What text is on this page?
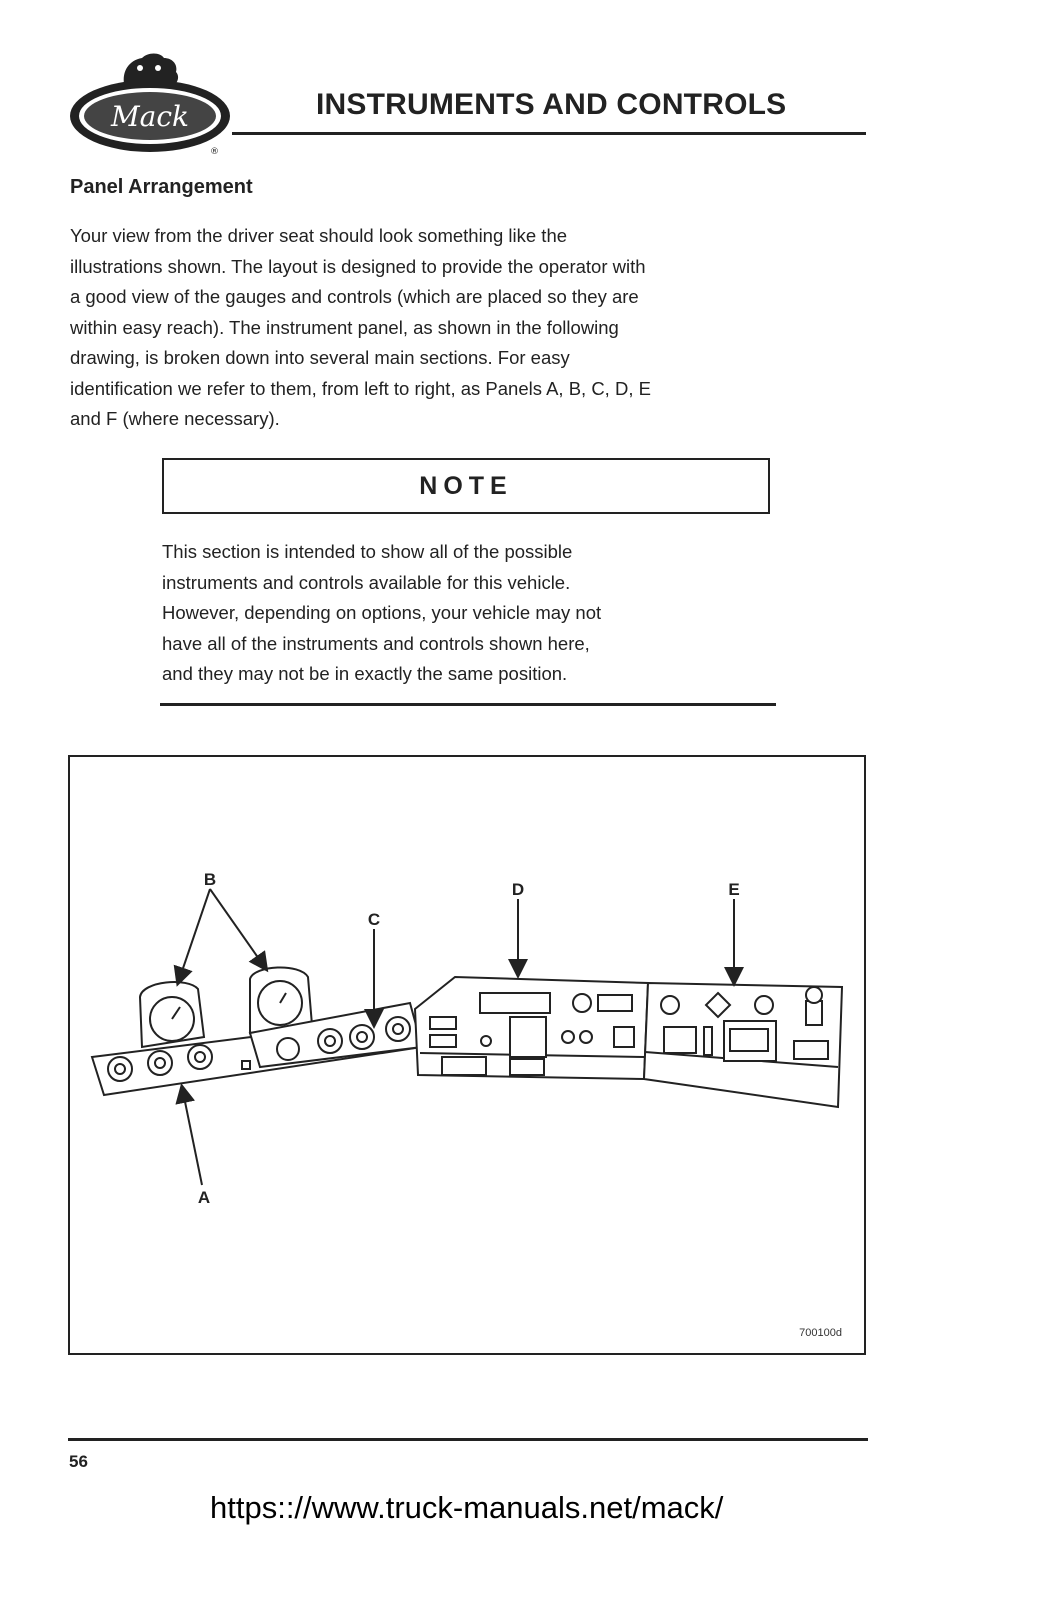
Mack
®
INSTRUMENTS AND CONTROLS
Panel Arrangement
Your view from the driver seat should look something like the
illustrations shown. The layout is designed to provide the operator with
a good view of the gauges and controls (which are placed so they are
within easy reach). The instrument panel, as shown in the following
drawing, is broken down into several main sections. For easy
identification we refer to them, from left to right, as Panels A, B, C, D, E
and F (where necessary).
NOTE
This section is intended to show all of the possible
instruments and controls available for this vehicle.
However, depending on options, your vehicle may not
have all of the instruments and controls shown here,
and they may not be in exactly the same position.
B
C
D	E
A
700100d
56
https:://www.truck-manuals.net/mack/
